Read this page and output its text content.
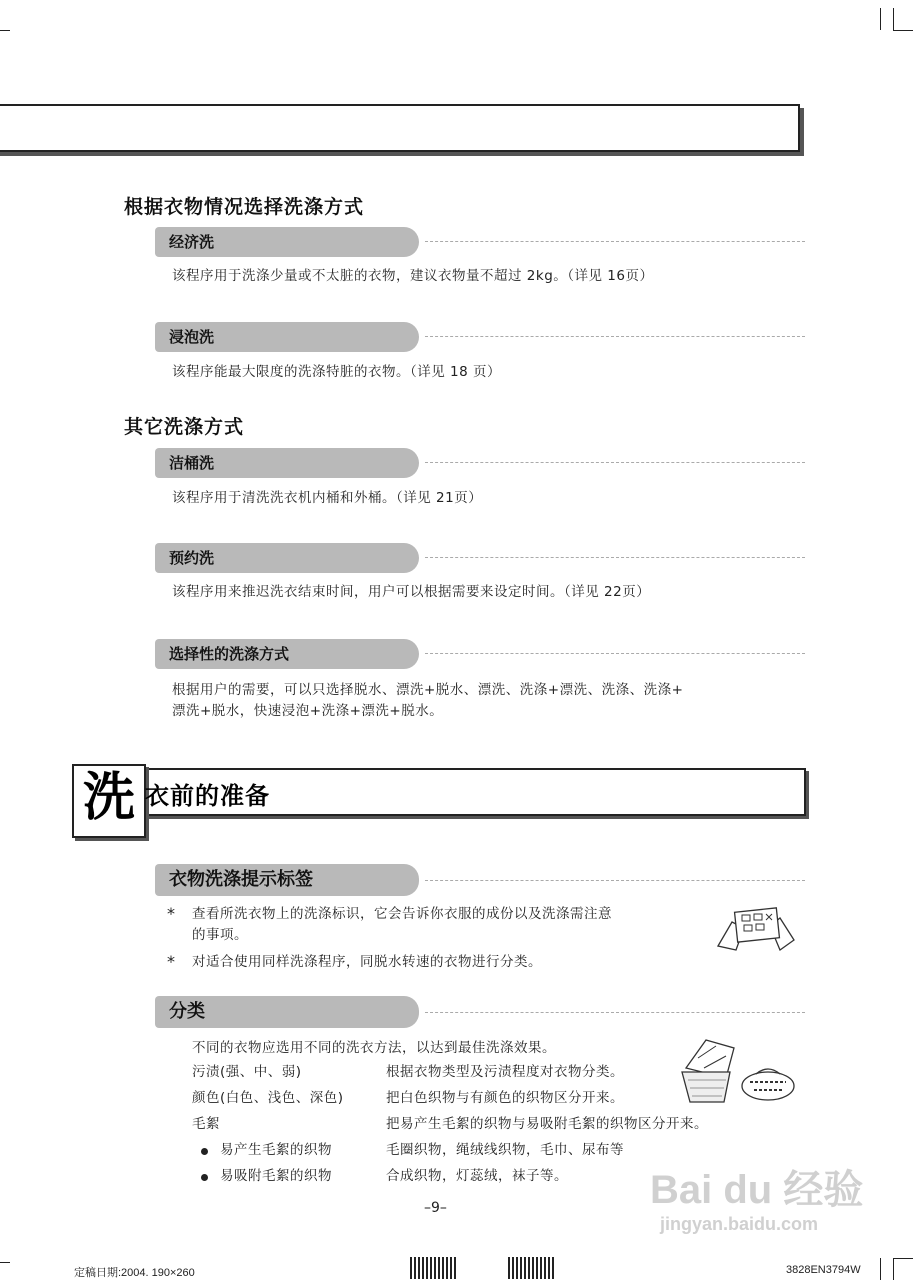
根据衣物情况选择洗涤方式
经济洗
该程序用于洗涤少量或不太脏的衣物，建议衣物量不超过 2kg。（详见 16页）
浸泡洗
该程序能最大限度的洗涤特脏的衣物。（详见 18 页）
其它洗涤方式
洁桶洗
该程序用于清洗洗衣机内桶和外桶。（详见 21页）
预约洗
该程序用来推迟洗衣结束时间，用户可以根据需要来设定时间。（详见 22页）
选择性的洗涤方式
根据用户的需要，可以只选择脱水、漂洗+脱水、漂洗、洗涤+漂洗、洗涤、洗涤+
漂洗+脱水，快速浸泡+洗涤+漂洗+脱水。
洗 衣前的准备
衣物洗涤提示标签
* 查看所洗衣物上的洗涤标识，它会告诉你衣服的成份以及洗涤需注意
的事项。
* 对适合使用同样洗涤程序，同脱水转速的衣物进行分类。
分类
不同的衣物应选用不同的洗衣方法，以达到最佳洗涤效果。
污渍(强、中、弱)	根据衣物类型及污渍程度对衣物分类。
颜色(白色、浅色、深色)	把白色织物与有颜色的织物区分开来。
毛絮	把易产生毛絮的织物与易吸附毛絮的织物区分开来。
易产生毛絮的织物	毛圈织物，绳绒线织物，毛巾、尿布等
易吸附毛絮的织物	合成织物，灯蕊绒，袜子等。
–9–
定稿日期:2004. 190×260	3828EN3794W
Bai du 经验
jingyan.baidu.com
